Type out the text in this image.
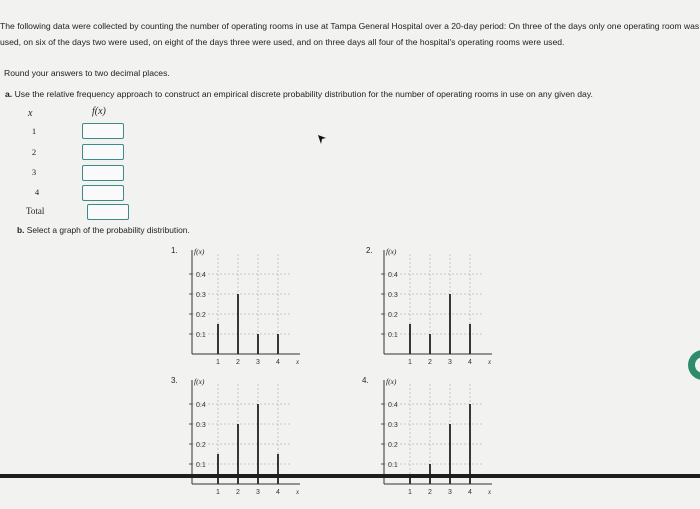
The following data were collected by counting the number of operating rooms in use at Tampa General Hospital over a 20-day period: On three of the days only one operating room was used, on six of the days two were used, on eight of the days three were used, and on three days all four of the hospital's operating rooms were used.
Round your answers to two decimal places.
a. Use the relative frequency approach to construct an empirical discrete probability distribution for the number of operating rooms in use on any given day.
x	f(x)
1
2
3
4
Total
b. Select a graph of the probability distribution.
1.	2.
3.	4.
0.4
0.3
0.2
0.1
f(x)
1 2 3 4 x
0.4
0.3
0.2
0.1
f(x)
1 2 3 4 x
0.4
0.3
0.2
0.1
f(x)
1 2 3 4 x
0.4
0.3
0.2
0.1
f(x)
1 2 3 4 x
